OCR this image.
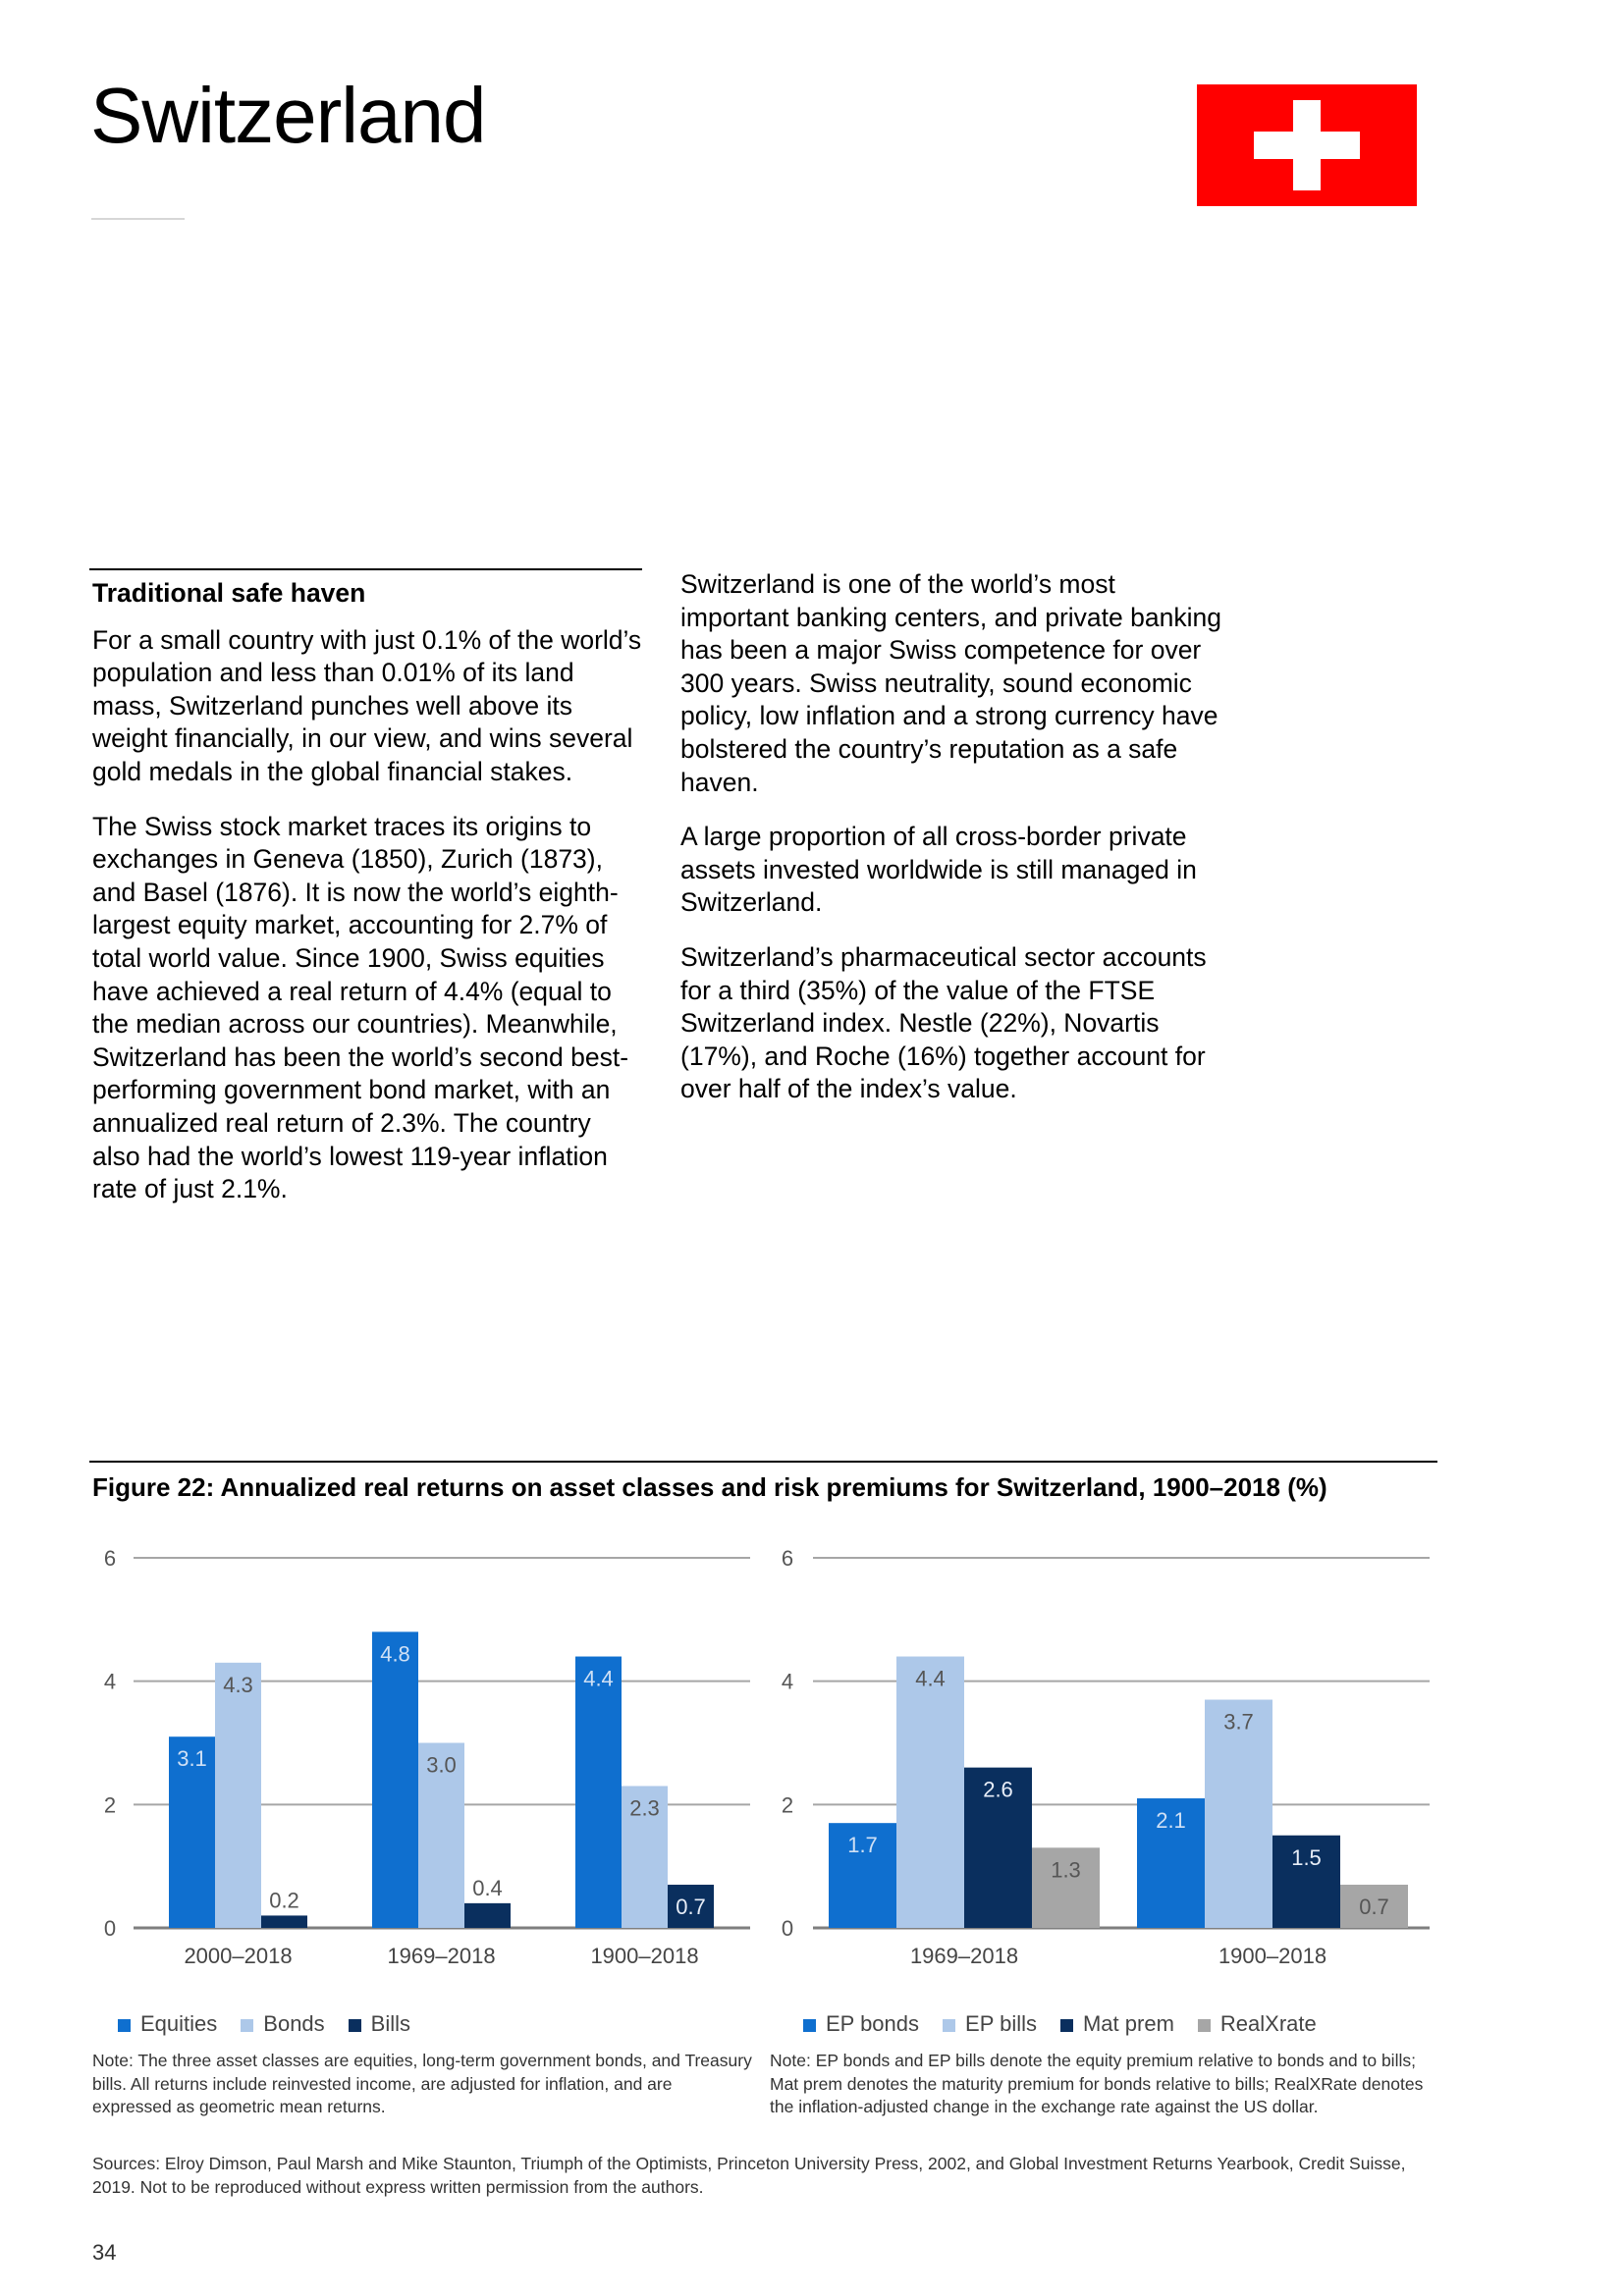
Switzerland

Traditional safe haven

For a small country with just 0.1% of the world’s population and less than 0.01% of its land mass, Switzerland punches well above its weight financially, in our view, and wins several gold medals in the global financial stakes.

The Swiss stock market traces its origins to exchanges in Geneva (1850), Zurich (1873), and Basel (1876). It is now the world’s eighth-largest equity market, accounting for 2.7% of total world value. Since 1900, Swiss equities have achieved a real return of 4.4% (equal to the median across our countries). Meanwhile, Switzerland has been the world’s second best-performing government bond market, with an annualized real return of 2.3%. The country also had the world’s lowest 119-year inflation rate of just 2.1%.

Switzerland is one of the world’s most important banking centers, and private banking has been a major Swiss competence for over 300 years. Swiss neutrality, sound economic policy, low inflation and a strong currency have bolstered the country’s reputation as a safe haven.

A large proportion of all cross-border private assets invested worldwide is still managed in Switzerland.

Switzerland’s pharmaceutical sector accounts for a third (35%) of the value of the FTSE Switzerland index. Nestle (22%), Novartis (17%), and Roche (16%) together account for over half of the index’s value.

Figure 22: Annualized real returns on asset classes and risk premiums for Switzerland, 1900–2018 (%)
0
2
4
6
3.1
4.3
0.2
2000–2018
4.8
3.0
0.4
1969–2018
4.4
2.3
0.7
1900–2018
0
2
4
6
1.7
4.4
2.6
1.3
1969–2018
2.1
3.7
1.5
0.7
1900–2018
Equities	Bonds	Bills	EP bonds	EP bills	Mat prem	RealXrate
Note: The three asset classes are equities, long-term government bonds, and Treasury bills. All returns include reinvested income, are adjusted for inflation, and are expressed as geometric mean returns.
Note: EP bonds and EP bills denote the equity premium relative to bonds and to bills; Mat prem denotes the maturity premium for bonds relative to bills; RealXRate denotes the inflation-adjusted change in the exchange rate against the US dollar.
Sources: Elroy Dimson, Paul Marsh and Mike Staunton, Triumph of the Optimists, Princeton University Press, 2002, and Global Investment Returns Yearbook, Credit Suisse, 2019. Not to be reproduced without express written permission from the authors.
34
